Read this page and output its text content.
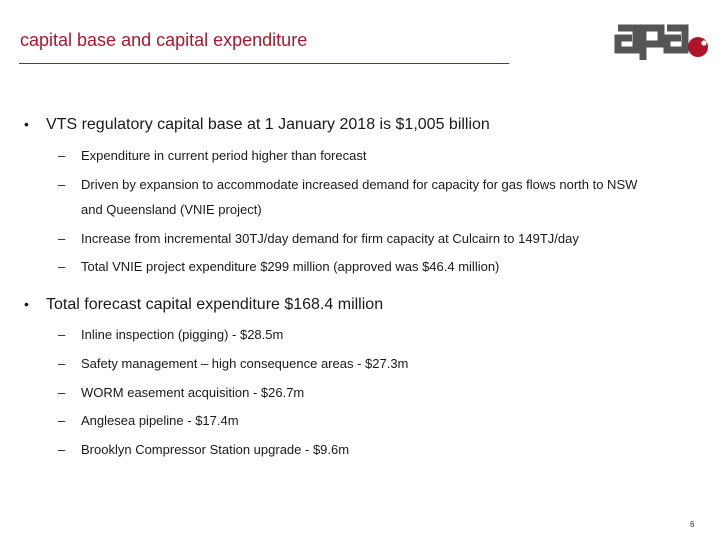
capital base and capital expenditure
• VTS regulatory capital base at 1 January 2018 is $1,005 billion
– Expenditure in current period higher than forecast
– Driven by expansion to accommodate increased demand for capacity for gas flows north to NSW
and Queensland (VNIE project)
– Increase from incremental 30TJ/day demand for firm capacity at Culcairn to 149TJ/day
– Total VNIE project expenditure $299 million (approved was $46.4 million)
• Total forecast capital expenditure $168.4 million
– Inline inspection (pigging) - $28.5m
– Safety management – high consequence areas - $27.3m
– WORM easement acquisition - $26.7m
– Anglesea pipeline - $17.4m
– Brooklyn Compressor Station upgrade - $9.6m
6
